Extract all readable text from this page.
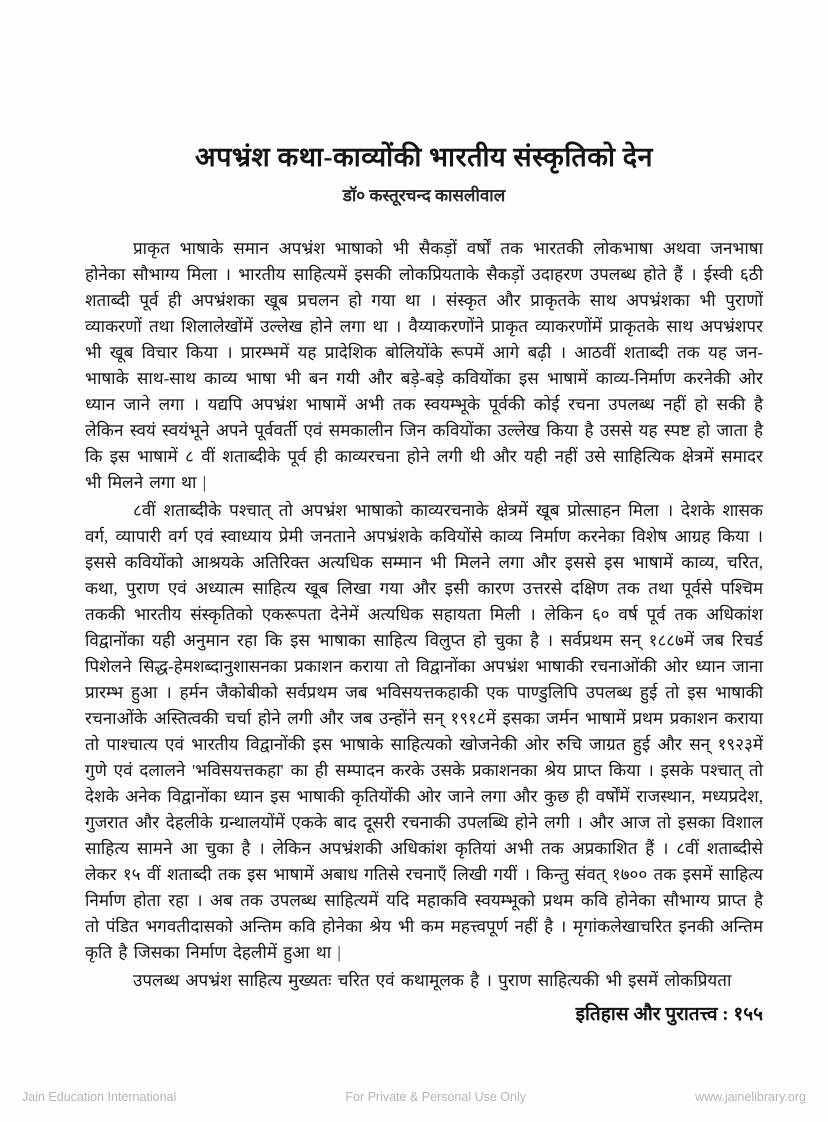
अपभ्रंश कथा-काव्योंकी भारतीय संस्कृतिको देन
डॉ० कस्तूरचन्द कासलीवाल

प्राकृत भाषाके समान अपभ्रंश भाषाको भी सैकड़ों वर्षों तक भारतकी लोकभाषा अथवा जनभाषा होनेका सौभाग्य मिला । भारतीय साहित्यमें इसकी लोकप्रियताके सैकड़ों उदाहरण उपलब्ध होते हैं । ईस्वी ६ठी शताब्दी पूर्व ही अपभ्रंशका खूब प्रचलन हो गया था । संस्कृत और प्राकृतके साथ अपभ्रंशका भी पुराणों व्याकरणों तथा शिलालेखोंमें उल्लेख होने लगा था । वैय्याकरणोंने प्राकृत व्याकरणोंमें प्राकृतके साथ अपभ्रंशपर भी खूब विचार किया । प्रारम्भमें यह प्रादेशिक बोलियोंके रूपमें आगे बढ़ी । आठवीं शताब्दी तक यह जन-भाषाके साथ-साथ काव्य भाषा भी बन गयी और बड़े-बड़े कवियोंका इस भाषामें काव्य-निर्माण करनेकी ओर ध्यान जाने लगा । यद्यपि अपभ्रंश भाषामें अभी तक स्वयम्भूके पूर्वकी कोई रचना उपलब्ध नहीं हो सकी है लेकिन स्वयं स्वयंभूने अपने पूर्ववर्ती एवं समकालीन जिन कवियोंका उल्लेख किया है उससे यह स्पष्ट हो जाता है कि इस भाषामें ८ वीं शताब्दीके पूर्व ही काव्यरचना होने लगी थी और यही नहीं उसे साहित्यिक क्षेत्रमें समादर भी मिलने लगा था |

८वीं शताब्दीके पश्चात् तो अपभ्रंश भाषाको काव्यरचनाके क्षेत्रमें खूब प्रोत्साहन मिला । देशके शासक वर्ग, व्यापारी वर्ग एवं स्वाध्याय प्रेमी जनताने अपभ्रंशके कवियोंसे काव्य निर्माण करनेका विशेष आग्रह किया । इससे कवियोंको आश्रयके अतिरिक्त अत्यधिक सम्मान भी मिलने लगा और इससे इस भाषामें काव्य, चरित, कथा, पुराण एवं अध्यात्म साहित्य खूब लिखा गया और इसी कारण उत्तरसे दक्षिण तक तथा पूर्वसे पश्चिम तककी भारतीय संस्कृतिको एकरूपता देनेमें अत्यधिक सहायता मिली । लेकिन ६० वर्ष पूर्व तक अधिकांश विद्वानोंका यही अनुमान रहा कि इस भाषाका साहित्य विलुप्त हो चुका है । सर्वप्रथम सन् १८८७में जब रिचर्ड पिशेलने सिद्ध-हेमशब्दानुशासनका प्रकाशन कराया तो विद्वानोंका अपभ्रंश भाषाकी रचनाओंकी ओर ध्यान जाना प्रारम्भ हुआ । हर्मन जैकोबीको सर्वप्रथम जब भविसयत्तकहाकी एक पाण्डुलिपि उपलब्ध हुई तो इस भाषाकी रचनाओंके अस्तित्वकी चर्चा होने लगी और जब उन्होंने सन् १९१८में इसका जर्मन भाषामें प्रथम प्रकाशन कराया तो पाश्चात्य एवं भारतीय विद्वानोंकी इस भाषाके साहित्यको खोजनेकी ओर रुचि जाग्रत हुई और सन् १९२३में गुणे एवं दलालने 'भविसयत्तकहा' का ही सम्पादन करके उसके प्रकाशनका श्रेय प्राप्त किया । इसके पश्चात् तो देशके अनेक विद्वानोंका ध्यान इस भाषाकी कृतियोंकी ओर जाने लगा और कुछ ही वर्षोंमें राजस्थान, मध्यप्रदेश, गुजरात और देहलीके ग्रन्थालयोंमें एकके बाद दूसरी रचनाकी उपलब्धि होने लगी । और आज तो इसका विशाल साहित्य सामने आ चुका है । लेकिन अपभ्रंशकी अधिकांश कृतियां अभी तक अप्रकाशित हैं । ८वीं शताब्दीसे लेकर १५ वीं शताब्दी तक इस भाषामें अबाध गतिसे रचनाएँ लिखी गयीं । किन्तु संवत् १७०० तक इसमें साहित्य निर्माण होता रहा । अब तक उपलब्ध साहित्यमें यदि महाकवि स्वयम्भूको प्रथम कवि होनेका सौभाग्य प्राप्त है तो पंडित भगवतीदासको अन्तिम कवि होनेका श्रेय भी कम महत्त्वपूर्ण नहीं है । मृगांकलेखाचरित इनकी अन्तिम कृति है जिसका निर्माण देहलीमें हुआ था |

उपलब्ध अपभ्रंश साहित्य मुख्यतः चरित एवं कथामूलक है । पुराण साहित्यकी भी इसमें लोकप्रियता

इतिहास और पुरातत्त्व : १५५
Jain Education International	For Private & Personal Use Only	www.jainelibrary.org
